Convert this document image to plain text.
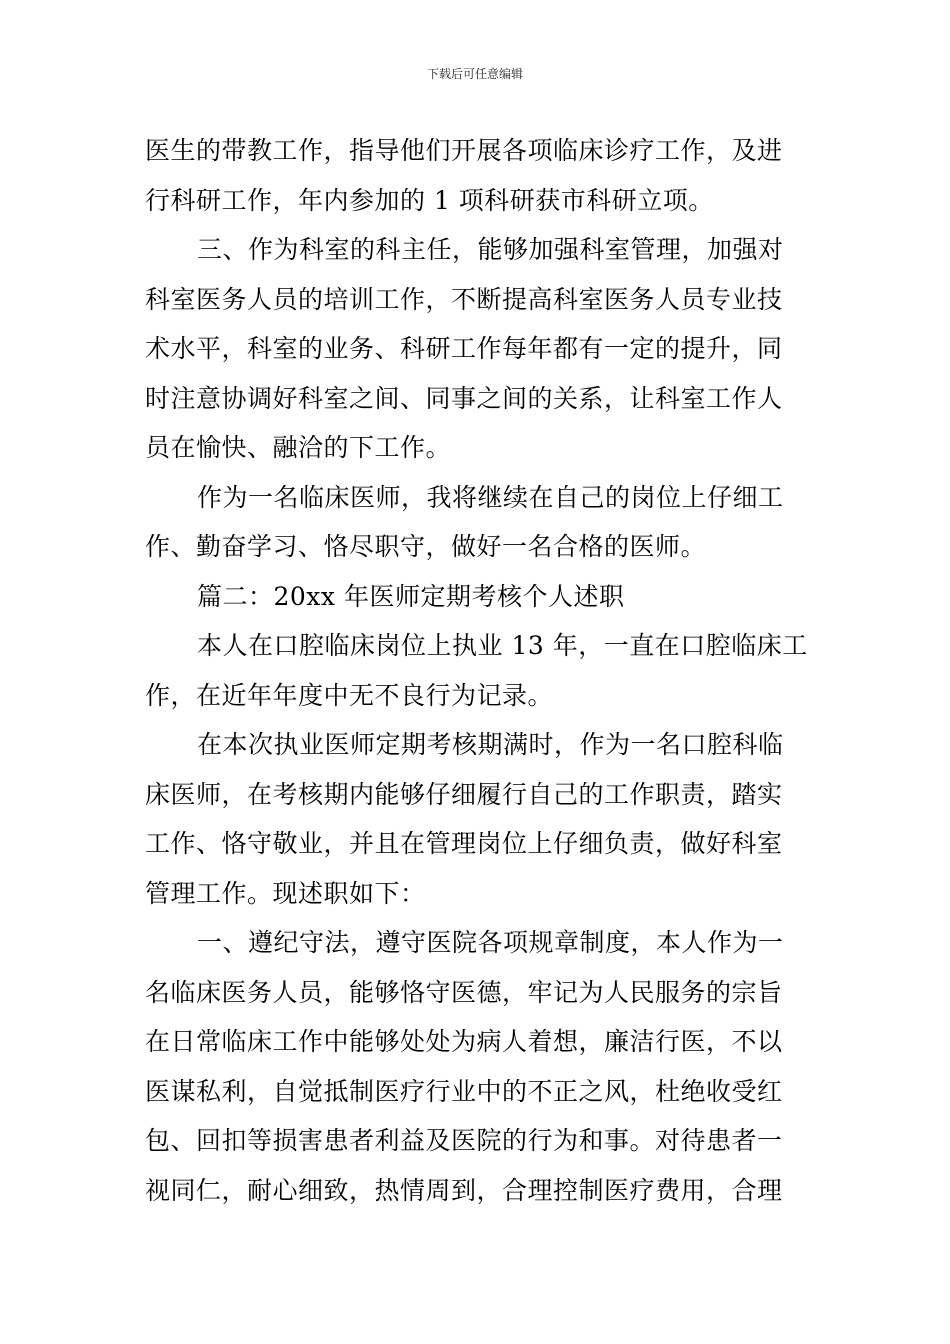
下载后可任意编辑
医生的带教工作，指导他们开展各项临床诊疗工作，及进
行科研工作，年内参加的 1 项科研获市科研立项。
三、作为科室的科主任，能够加强科室管理，加强对
科室医务人员的培训工作，不断提高科室医务人员专业技
术水平，科室的业务、科研工作每年都有一定的提升，同
时注意协调好科室之间、同事之间的关系，让科室工作人
员在愉快、融洽的下工作。
作为一名临床医师，我将继续在自己的岗位上仔细工
作、勤奋学习、恪尽职守，做好一名合格的医师。
篇二：20xx 年医师定期考核个人述职
本人在口腔临床岗位上执业 13 年，一直在口腔临床工
作，在近年年度中无不良行为记录。
在本次执业医师定期考核期满时，作为一名口腔科临
床医师，在考核期内能够仔细履行自己的工作职责，踏实
工作、恪守敬业，并且在管理岗位上仔细负责，做好科室
管理工作。现述职如下：
一、遵纪守法，遵守医院各项规章制度，本人作为一
名临床医务人员，能够恪守医德，牢记为人民服务的宗旨
在日常临床工作中能够处处为病人着想，廉洁行医，不以
医谋私利，自觉抵制医疗行业中的不正之风，杜绝收受红
包、回扣等损害患者利益及医院的行为和事。对待患者一
视同仁，耐心细致，热情周到，合理控制医疗费用，合理
